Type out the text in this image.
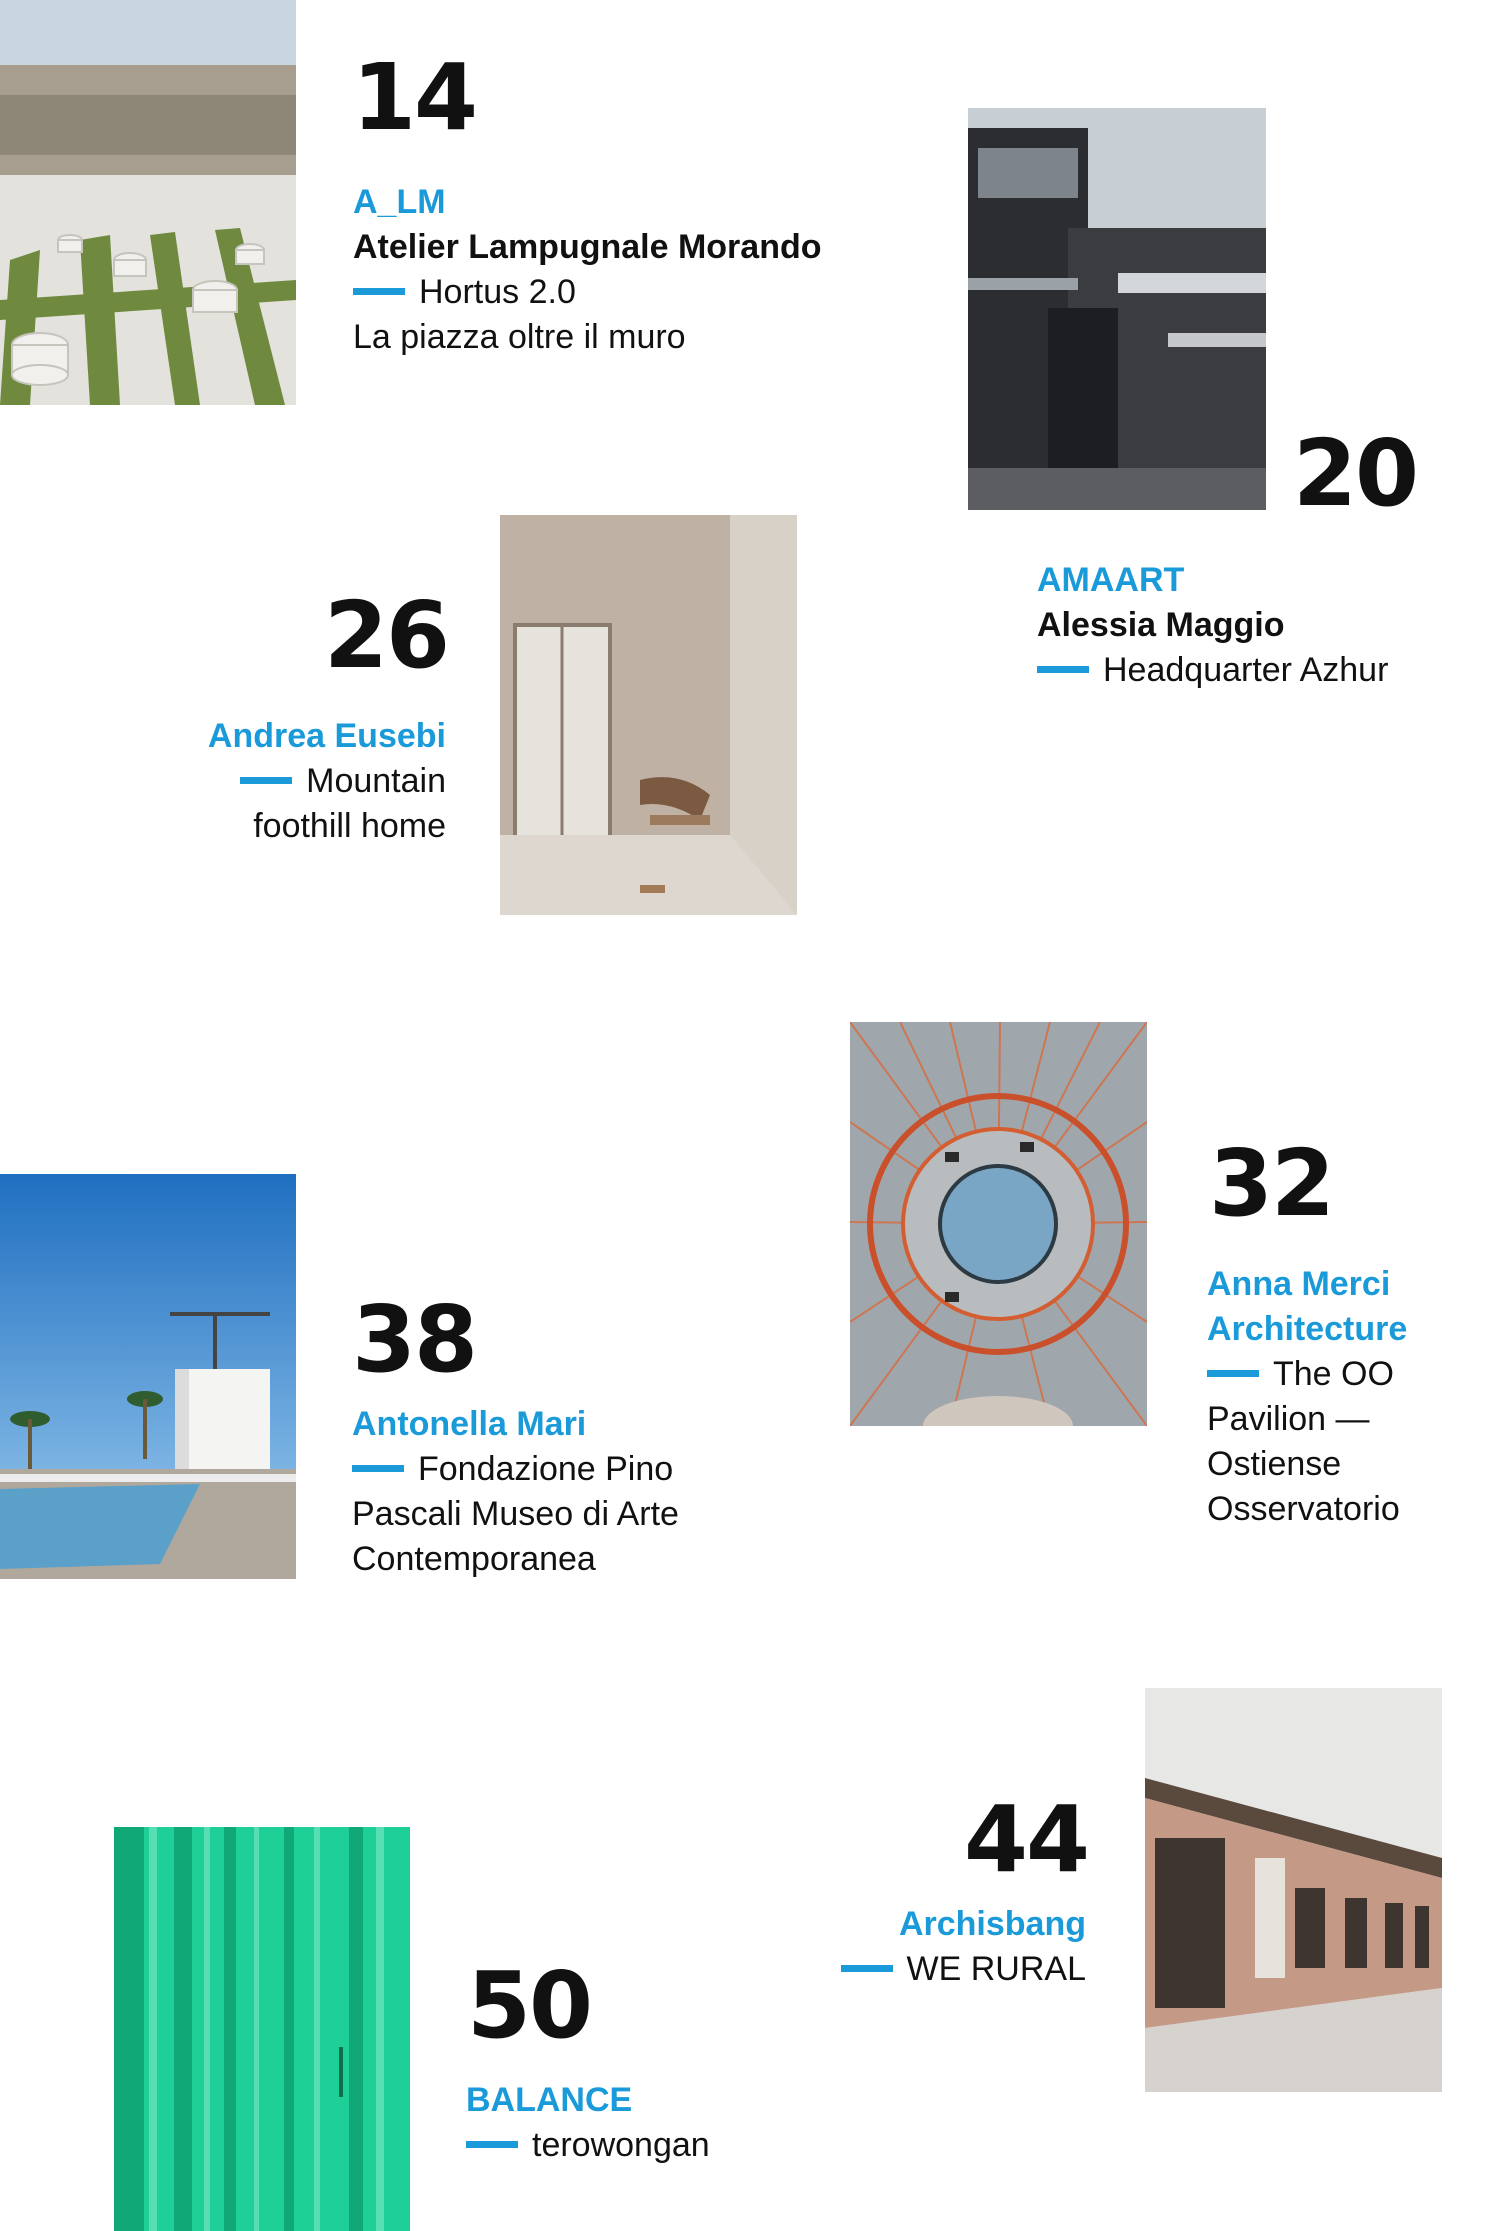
14
A_LM
Atelier Lampugnale Morando
Hortus 2.0
La piazza oltre il muro
20
AMAART
Alessia Maggio
Headquarter Azhur
26
Andrea Eusebi
Mountain
foothill home
32
Anna Merci
Architecture
The OO
Pavilion —
Ostiense
Osservatorio
38
Antonella Mari
Fondazione Pino
Pascali Museo di Arte
Contemporanea
44
Archisbang
WE RURAL
50
BALANCE
terowongan
